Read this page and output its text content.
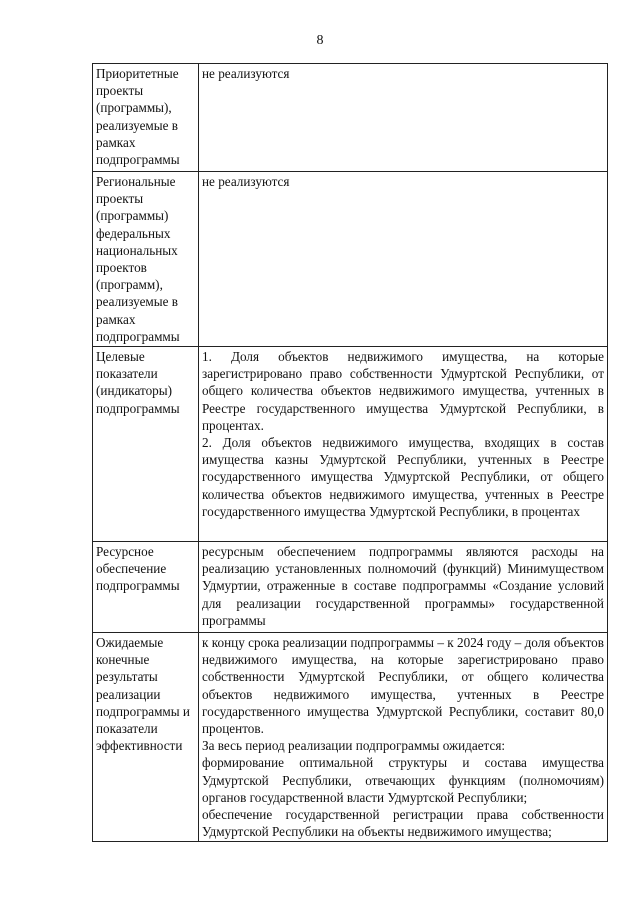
8
Приоритетные проекты (программы), реализуемые в рамках подпрограммы	не реализуются

Региональные проекты (программы) федеральных национальных проектов (программ), реализуемые в рамках подпрограммы	не реализуются

Целевые показатели (индикаторы) подпрограммы	1. Доля объектов недвижимого имущества, на которые зарегистрировано право собственности Удмуртской Республики, от общего количества объектов недвижимого имущества, учтенных в Реестре государственного имущества Удмуртской Республики, в процентах.

2. Доля объектов недвижимого имущества, входящих в состав имущества казны Удмуртской Республики, учтенных в Реестре государственного имущества Удмуртской Республики, от общего количества объектов недвижимого имущества, учтенных в Реестре государственного имущества Удмуртской Республики, в процентах

Ресурсное обеспечение подпрограммы	ресурсным обеспечением подпрограммы являются расходы на реализацию установленных полномочий (функций) Минимуществом Удмуртии, отраженные в составе подпрограммы «Создание условий для реализации государственной программы» государственной программы

Ожидаемые конечные результаты реализации подпрограммы и показатели эффективности	к концу срока реализации подпрограммы – к 2024 году – доля объектов недвижимого имущества, на которые зарегистрировано право собственности Удмуртской Республики, от общего количества объектов недвижимого имущества, учтенных в Реестре государственного имущества Удмуртской Республики, составит 80,0 процентов.

За весь период реализации подпрограммы ожидается:

формирование оптимальной структуры и состава имущества Удмуртской Республики, отвечающих функциям (полномочиям) органов государственной власти Удмуртской Республики;

обеспечение государственной регистрации права собственности Удмуртской Республики на объекты недвижимого имущества;
